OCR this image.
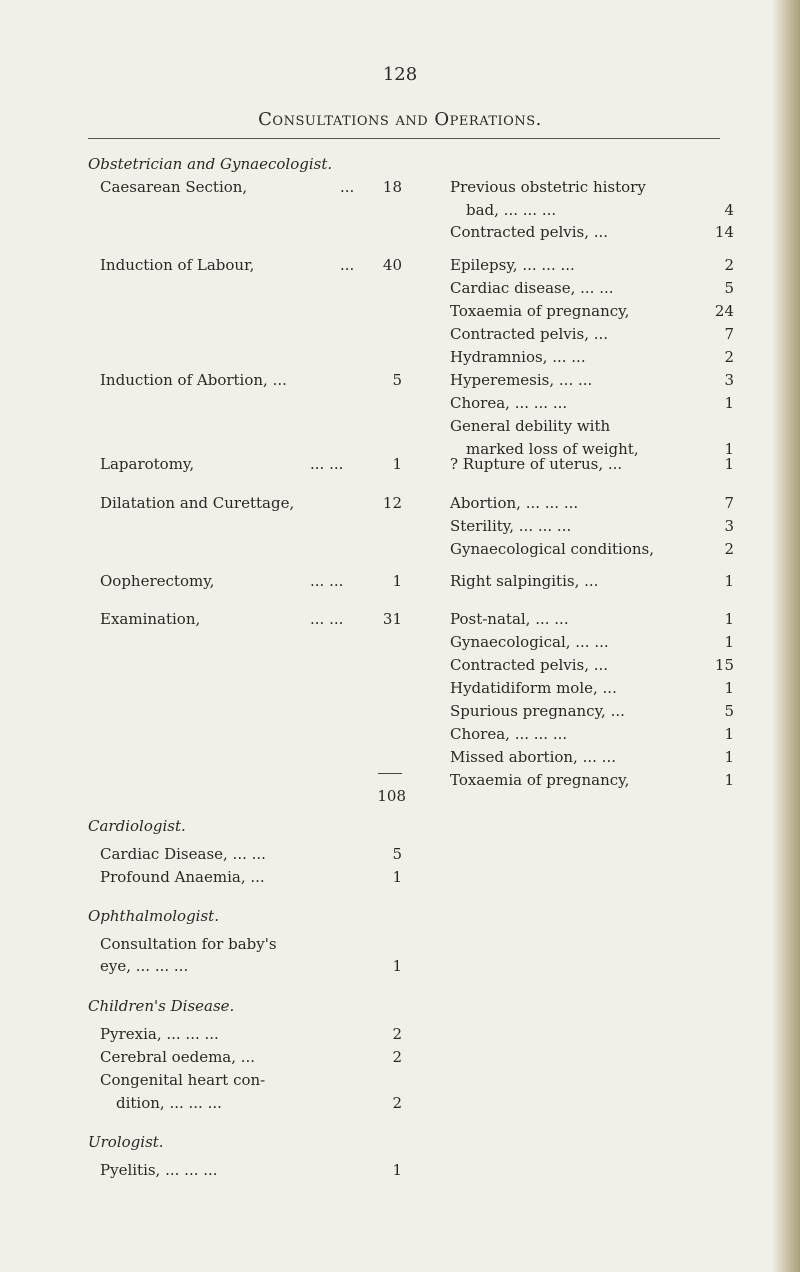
128
Consultations and Operations.
Obstetrician and Gynaecologist.
Caesarean Section,	...	18
Induction of Labour,	...	40
Induction of Abortion, ...	5
Laparotomy,	... ...	1
Dilatation and Curettage,	12
Oopherectomy,	... ...	1
Examination,	... ...	31
108
Previous obstetric history
bad, ... ... ...	4
Contracted pelvis, ...	14
Epilepsy, ... ... ...	2
Cardiac disease, ... ...	5
Toxaemia of pregnancy,	24
Contracted pelvis, ...	7
Hydramnios, ... ...	2
Hyperemesis, ... ...	3
Chorea, ... ... ...	1
General debility with
marked loss of weight,	1
? Rupture of uterus, ...	1
Abortion, ... ... ...	7
Sterility, ... ... ...	3
Gynaecological conditions,	2
Right salpingitis, ...	1
Post-natal, ... ...	1
Gynaecological, ... ...	1
Contracted pelvis, ...	15
Hydatidiform mole, ...	1
Spurious pregnancy, ...	5
Chorea, ... ... ...	1
Missed abortion, ... ...	1
Toxaemia of pregnancy,	1
Cardiologist.
Cardiac Disease, ... ...	5
Profound Anaemia, ...	1
Ophthalmologist.
Consultation for baby's
eye, ... ... ...	1
Children's Disease.
Pyrexia, ... ... ...	2
Cerebral oedema, ...	2
Congenital heart con-
dition, ... ... ...	2
Urologist.
Pyelitis, ... ... ...	1
